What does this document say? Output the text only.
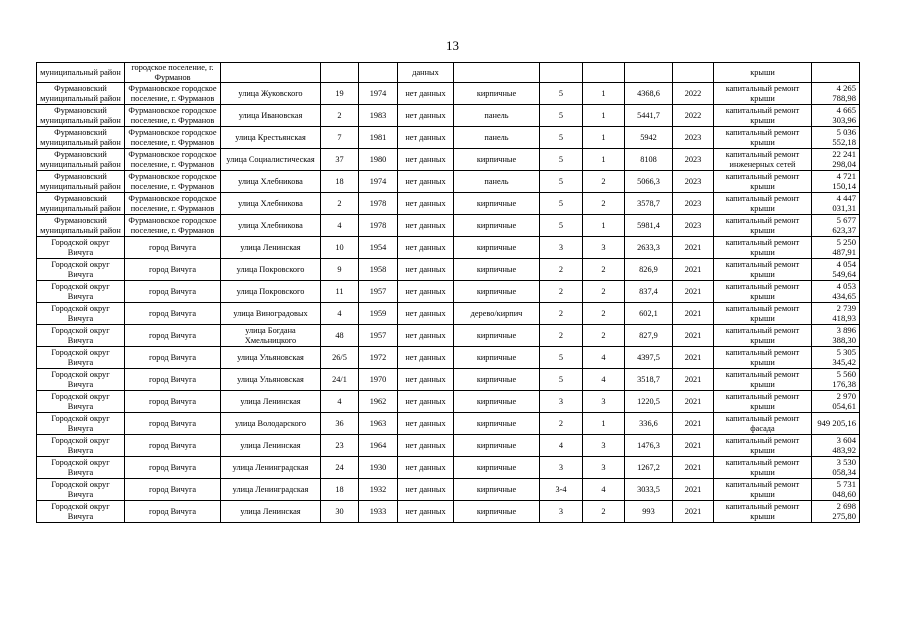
13
муниципальный район	городское поселение, г. Фурманов				данных						крыши	
Фурмановский муниципальный район	Фурмановское городское поселение, г. Фурманов	улица Жуковского	19	1974	нет данных	кирпичные	5	1	4368,6	2022	капитальный ремонт крыши	4 265 788,98
Фурмановский муниципальный район	Фурмановское городское поселение, г. Фурманов	улица Ивановская	2	1983	нет данных	панель	5	1	5441,7	2022	капитальный ремонт крыши	4 665 303,96
Фурмановский муниципальный район	Фурмановское городское поселение, г. Фурманов	улица Крестьянская	7	1981	нет данных	панель	5	1	5942	2023	капитальный ремонт крыши	5 036 552,18
Фурмановский муниципальный район	Фурмановское городское поселение, г. Фурманов	улица Социалистическая	37	1980	нет данных	кирпичные	5	1	8108	2023	капитальный ремонт инженерных сетей	22 241 298,04
Фурмановский муниципальный район	Фурмановское городское поселение, г. Фурманов	улица Хлебникова	18	1974	нет данных	панель	5	2	5066,3	2023	капитальный ремонт крыши	4 721 150,14
Фурмановский муниципальный район	Фурмановское городское поселение, г. Фурманов	улица Хлебникова	2	1978	нет данных	кирпичные	5	2	3578,7	2023	капитальный ремонт крыши	4 447 031,31
Фурмановский муниципальный район	Фурмановское городское поселение, г. Фурманов	улица Хлебникова	4	1978	нет данных	кирпичные	5	1	5981,4	2023	капитальный ремонт крыши	5 677 623,37
Городской округ Вичуга	город Вичуга	улица Ленинская	10	1954	нет данных	кирпичные	3	3	2633,3	2021	капитальный ремонт крыши	5 250 487,91
Городской округ Вичуга	город Вичуга	улица Покровского	9	1958	нет данных	кирпичные	2	2	826,9	2021	капитальный ремонт крыши	4 054 549,64
Городской округ Вичуга	город Вичуга	улица Покровского	11	1957	нет данных	кирпичные	2	2	837,4	2021	капитальный ремонт крыши	4 053 434,65
Городской округ Вичуга	город Вичуга	улица Виноградовых	4	1959	нет данных	дерево/кирпич	2	2	602,1	2021	капитальный ремонт крыши	2 739 418,93
Городской округ Вичуга	город Вичуга	улица Богдана Хмельницкого	48	1957	нет данных	кирпичные	2	2	827,9	2021	капитальный ремонт крыши	3 896 388,30
Городской округ Вичуга	город Вичуга	улица Ульяновская	26/5	1972	нет данных	кирпичные	5	4	4397,5	2021	капитальный ремонт крыши	5 305 345,42
Городской округ Вичуга	город Вичуга	улица Ульяновская	24/1	1970	нет данных	кирпичные	5	4	3518,7	2021	капитальный ремонт крыши	5 560 176,38
Городской округ Вичуга	город Вичуга	улица Ленинская	4	1962	нет данных	кирпичные	3	3	1220,5	2021	капитальный ремонт крыши	2 970 054,61
Городской округ Вичуга	город Вичуга	улица Володарского	36	1963	нет данных	кирпичные	2	1	336,6	2021	капитальный ремонт фасада	949 205,16
Городской округ Вичуга	город Вичуга	улица Ленинская	23	1964	нет данных	кирпичные	4	3	1476,3	2021	капитальный ремонт крыши	3 604 483,92
Городской округ Вичуга	город Вичуга	улица Ленинградская	24	1930	нет данных	кирпичные	3	3	1267,2	2021	капитальный ремонт крыши	3 530 058,34
Городской округ Вичуга	город Вичуга	улица Ленинградская	18	1932	нет данных	кирпичные	3-4	4	3033,5	2021	капитальный ремонт крыши	5 731 048,60
Городской округ Вичуга	город Вичуга	улица Ленинская	30	1933	нет данных	кирпичные	3	2	993	2021	капитальный ремонт крыши	2 698 275,80
